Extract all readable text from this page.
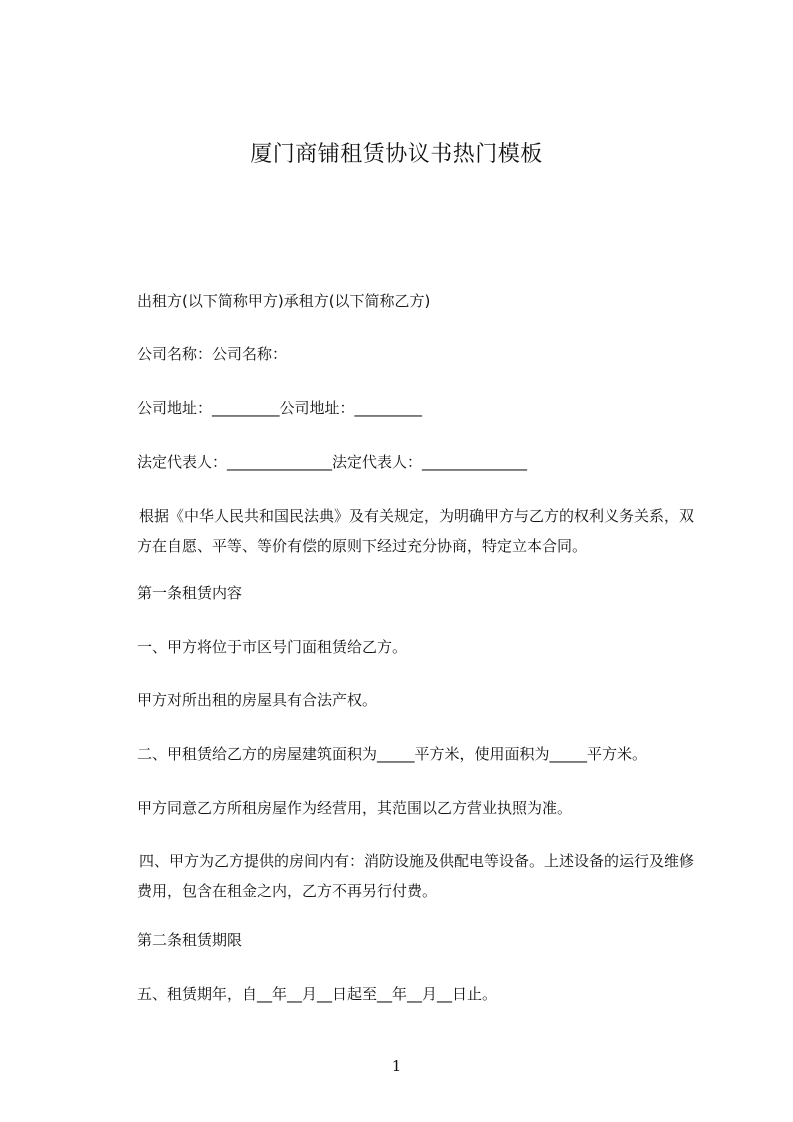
厦门商铺租赁协议书热门模板
出租方(以下简称甲方)承租方(以下简称乙方)
公司名称：公司名称：
公司地址：_________公司地址：_________
法定代表人：______________法定代表人：______________
根据《中华人民共和国民法典》及有关规定，为明确甲方与乙方的权利义务关系，双方在自愿、平等、等价有偿的原则下经过充分协商，特定立本合同。
第一条租赁内容
一、甲方将位于市区号门面租赁给乙方。
甲方对所出租的房屋具有合法产权。
二、甲租赁给乙方的房屋建筑面积为_____平方米，使用面积为_____平方米。
甲方同意乙方所租房屋作为经营用，其范围以乙方营业执照为准。
四、甲方为乙方提供的房间内有：消防设施及供配电等设备。上述设备的运行及维修费用，包含在租金之内，乙方不再另行付费。
第二条租赁期限
五、租赁期年，自__年__月__日起至__年__月__日止。
1
